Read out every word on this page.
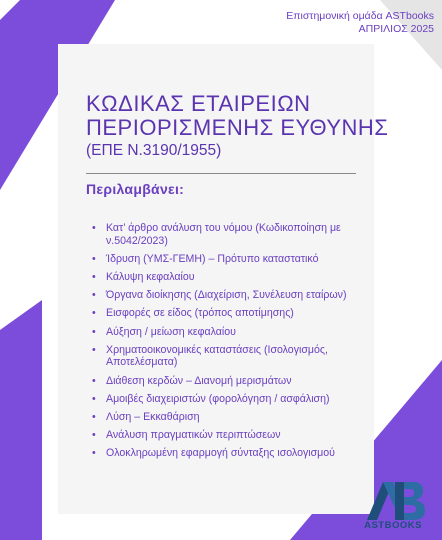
Επιστημονική ομάδα ASTbooks
ΑΠΡΙΛΙΟΣ 2025
ΚΩΔΙΚΑΣ ΕΤΑΙΡΕΙΩΝ
ΠΕΡΙΟΡΙΣΜΕΝΗΣ ΕΥΘΥΝΗΣ
(ΕΠΕ Ν.3190/1955)
Περιλαμβάνει:
• Κατ’ άρθρο ανάλυση του νόμου (Κωδικοποίηση με ν.5042/2023)
• Ίδρυση (ΥΜΣ-ΓΕΜΗ) – Πρότυπο καταστατικό
• Κάλυψη κεφαλαίου
• Όργανα διοίκησης (Διαχείριση, Συνέλευση εταίρων)
• Εισφορές σε είδος (τρόπος αποτίμησης)
• Αύξηση / μείωση κεφαλαίου
• Χρηματοοικονομικές καταστάσεις (Ισολογισμός, Αποτελέσματα)
• Διάθεση κερδών – Διανομή μερισμάτων
• Αμοιβές διαχειριστών (φορολόγηση / ασφάλιση)
• Λύση – Εκκαθάριση
• Ανάλυση πραγματικών περιπτώσεων
• Ολοκληρωμένη εφαρμογή σύνταξης ισολογισμού
ASTBOOKS
